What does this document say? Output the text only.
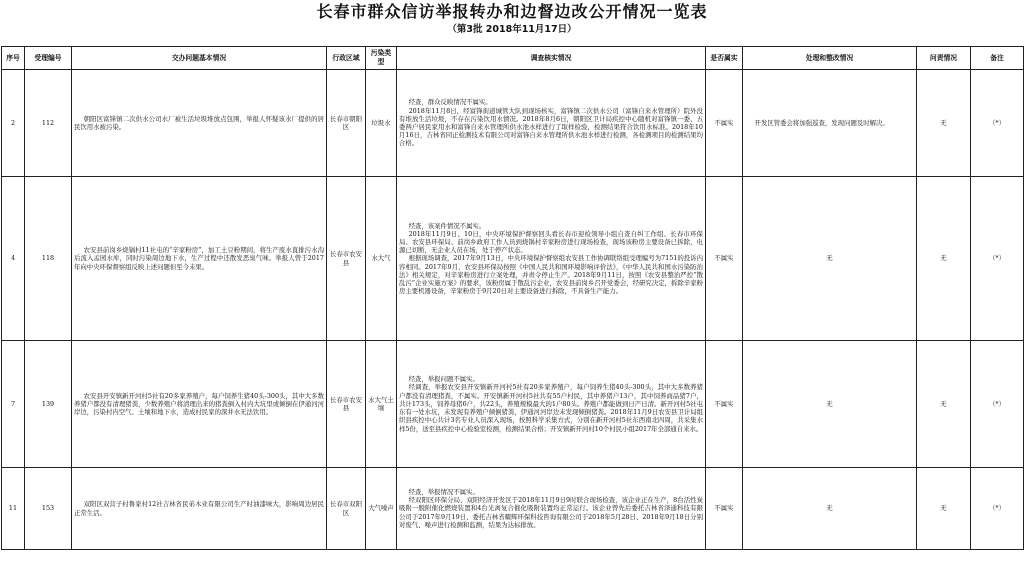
长春市群众信访举报转办和边督边改公开情况一览表
（第3批 2018年11月17日）
序号	受理编号	交办问题基本情况	行政区域	污染类型	调查核实情况	是否属实	处理和整改情况	问责情况	备注
2	112	朝阳区富锋镇二次供水公司水厂被生活垃圾堆放点包围，举报人怀疑该水厂提供的居民饮用水被污染。	长春市朝阳区	垃圾水	经查，群众反映情况不属实。
2018年11月8日，经富锋街道城管大队到现场核实，富锋镇二次供水公司（富锋自来水管理所）院外没有堆放生活垃圾，不存在污染饮用水情况。2018年8月6日，朝阳区卫计局疾控中心随机对富锋镇一委、五委两户居民家用水和富锋自来水管理所供水池水样进行了取样检验，检测结果符合饮用水标准。2018年10月16日，吉林省同正检测技术有限公司对富锋自来水管理所供水池水样进行检测，各检测项目的检测结果均合格。	不属实	开发区管委会将加强巡查，发现问题及时解决。	无	（*）
4	118	农安县前岗乡烧锅村11社屯的“辛家粉房”，加工土豆粉期间，将生产废水直排污水沟后流入孟园水库，同时污染周边地下水，生产过程中还散发恶臭气味。举报人曾于2017年向中央环保督察组反映上述问题但至今未果。	长春市农安县	水大气	经查，该案件情况不属实。
2018年11月9日、10日，中央环境保护督察回头看长春市迎检领导小组自查自纠工作组、长春市环保局、农安县环保局、前岗乡政府工作人员到烧锅村辛家粉房进行现场检查，现场该粉房主要设备已拆除，电源已切断，无企业人员在场，处于停产状态。
根据现场调查，2017年9月13日，中央环境保护督察组农安县工作协调联络组受理编号为7151的投诉内容相同。2017年9月，农安县环保局按照《中国人民共和国环境影响评价法》，《中华人民共和国水污染防治法》相关规定，对辛家粉房进行立案处理，并责令停止生产。2018年9月11日，按照《农安县整治严控“散乱污”企业实施方案》的要求，该粉房属于散乱污企业，农安县前岗乡召开党委会，经研究决定，拆除辛家粉房主要机器设备，辛家粉房于9月20日对主要设备进行拆除，不具备生产能力。	不属实	无	无	（*）
7	139	农安县开安镇新开河村5社有20多家养殖户，每户饲养生猪40头-300头，其中大多数养猪户都没有清理猪粪，少数养殖户将清理出来的猪粪倒入村内大坑里或倾倒在伊通河河岸边，污染村内空气、土壤和地下水，造成村民家的深井水无法饮用。	长春市农安县	水大气土壤	经查，举报问题不属实。
经调查，举报农安县开安镇新开河村5社有20多家养殖户，每户饲养生猪40头-300头，其中大多数养猪户都没有清理猪粪，不属实。开安镇新开河村5社共有55户村民，其中养猪户13户，其中饲养商品猪7户，共计173头，饲养母猪6户，共22头，养殖规模最大的1户80头。养殖户都能做到日产日清。新开河村5社屯东有一处水坑，未发现有养殖户倾倒猪粪，伊通河河岸边未发现倾倒猪粪。2018年11月9日农安县卫计局组织县疾控中心共计3名专业人员深入现场，按照科学采集方式，分别在新开河村5社东西南北四周，共采集水样5份，送至县疾控中心检验室检测，检测结果合格；开安镇新开河村10个村民小组2017年全部通自来水。	不属实	无	无	（*）
11	153	双阳区双营子村鲁家村12社吉林省民弟木业有限公司生产时油漆味大，影响周边居民正常生活。	长春市双阳区	大气噪声	经查，举报情况不属实。
经双阳区环保分局、双阳经济开发区于2018年11月9日9时联合现场检查，该企业正在生产，8台活性炭吸附一脱附催化燃烧装置和4台光离复合催化吸附装置均正常运行。该企业曾先后委托吉林省泽通科技有限公司于2017年9月19日、委托吉林省耀辉环保科技咨询有限公司于2018年5月28日、2018年9月18日分别对废气、噪声进行检测和监测，结果为达标排放。	不属实	无	无	（*）
